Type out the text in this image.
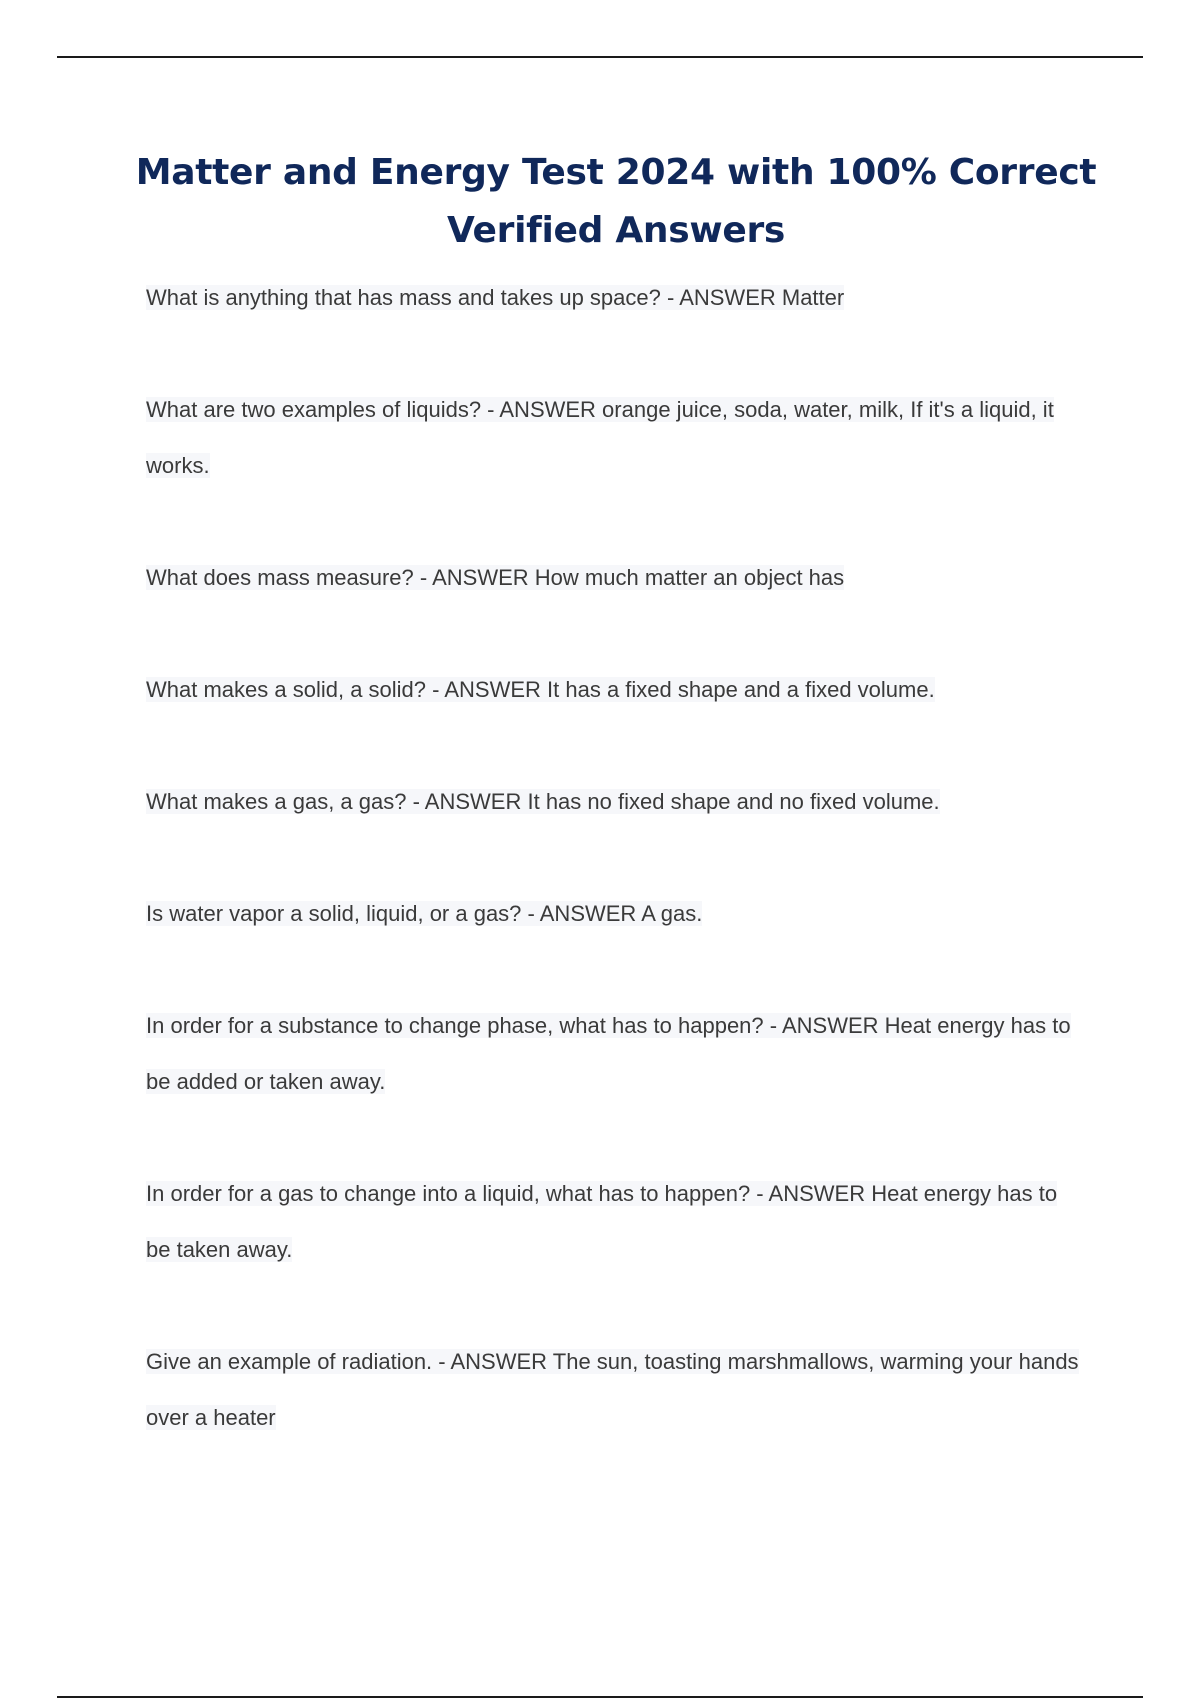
Matter and Energy Test 2024 with 100% Correct Verified Answers
What is anything that has mass and takes up space? - ANSWER Matter
What are two examples of liquids? - ANSWER orange juice, soda, water, milk, If it's a liquid, it works.
What does mass measure? - ANSWER How much matter an object has
What makes a solid, a solid? - ANSWER It has a fixed shape and a fixed volume.
What makes a gas, a gas? - ANSWER It has no fixed shape and no fixed volume.
Is water vapor a solid, liquid, or a gas? - ANSWER A gas.
In order for a substance to change phase, what has to happen? - ANSWER Heat energy has to be added or taken away.
In order for a gas to change into a liquid, what has to happen? - ANSWER Heat energy has to be taken away.
Give an example of radiation. - ANSWER The sun, toasting marshmallows, warming your hands over a heater
